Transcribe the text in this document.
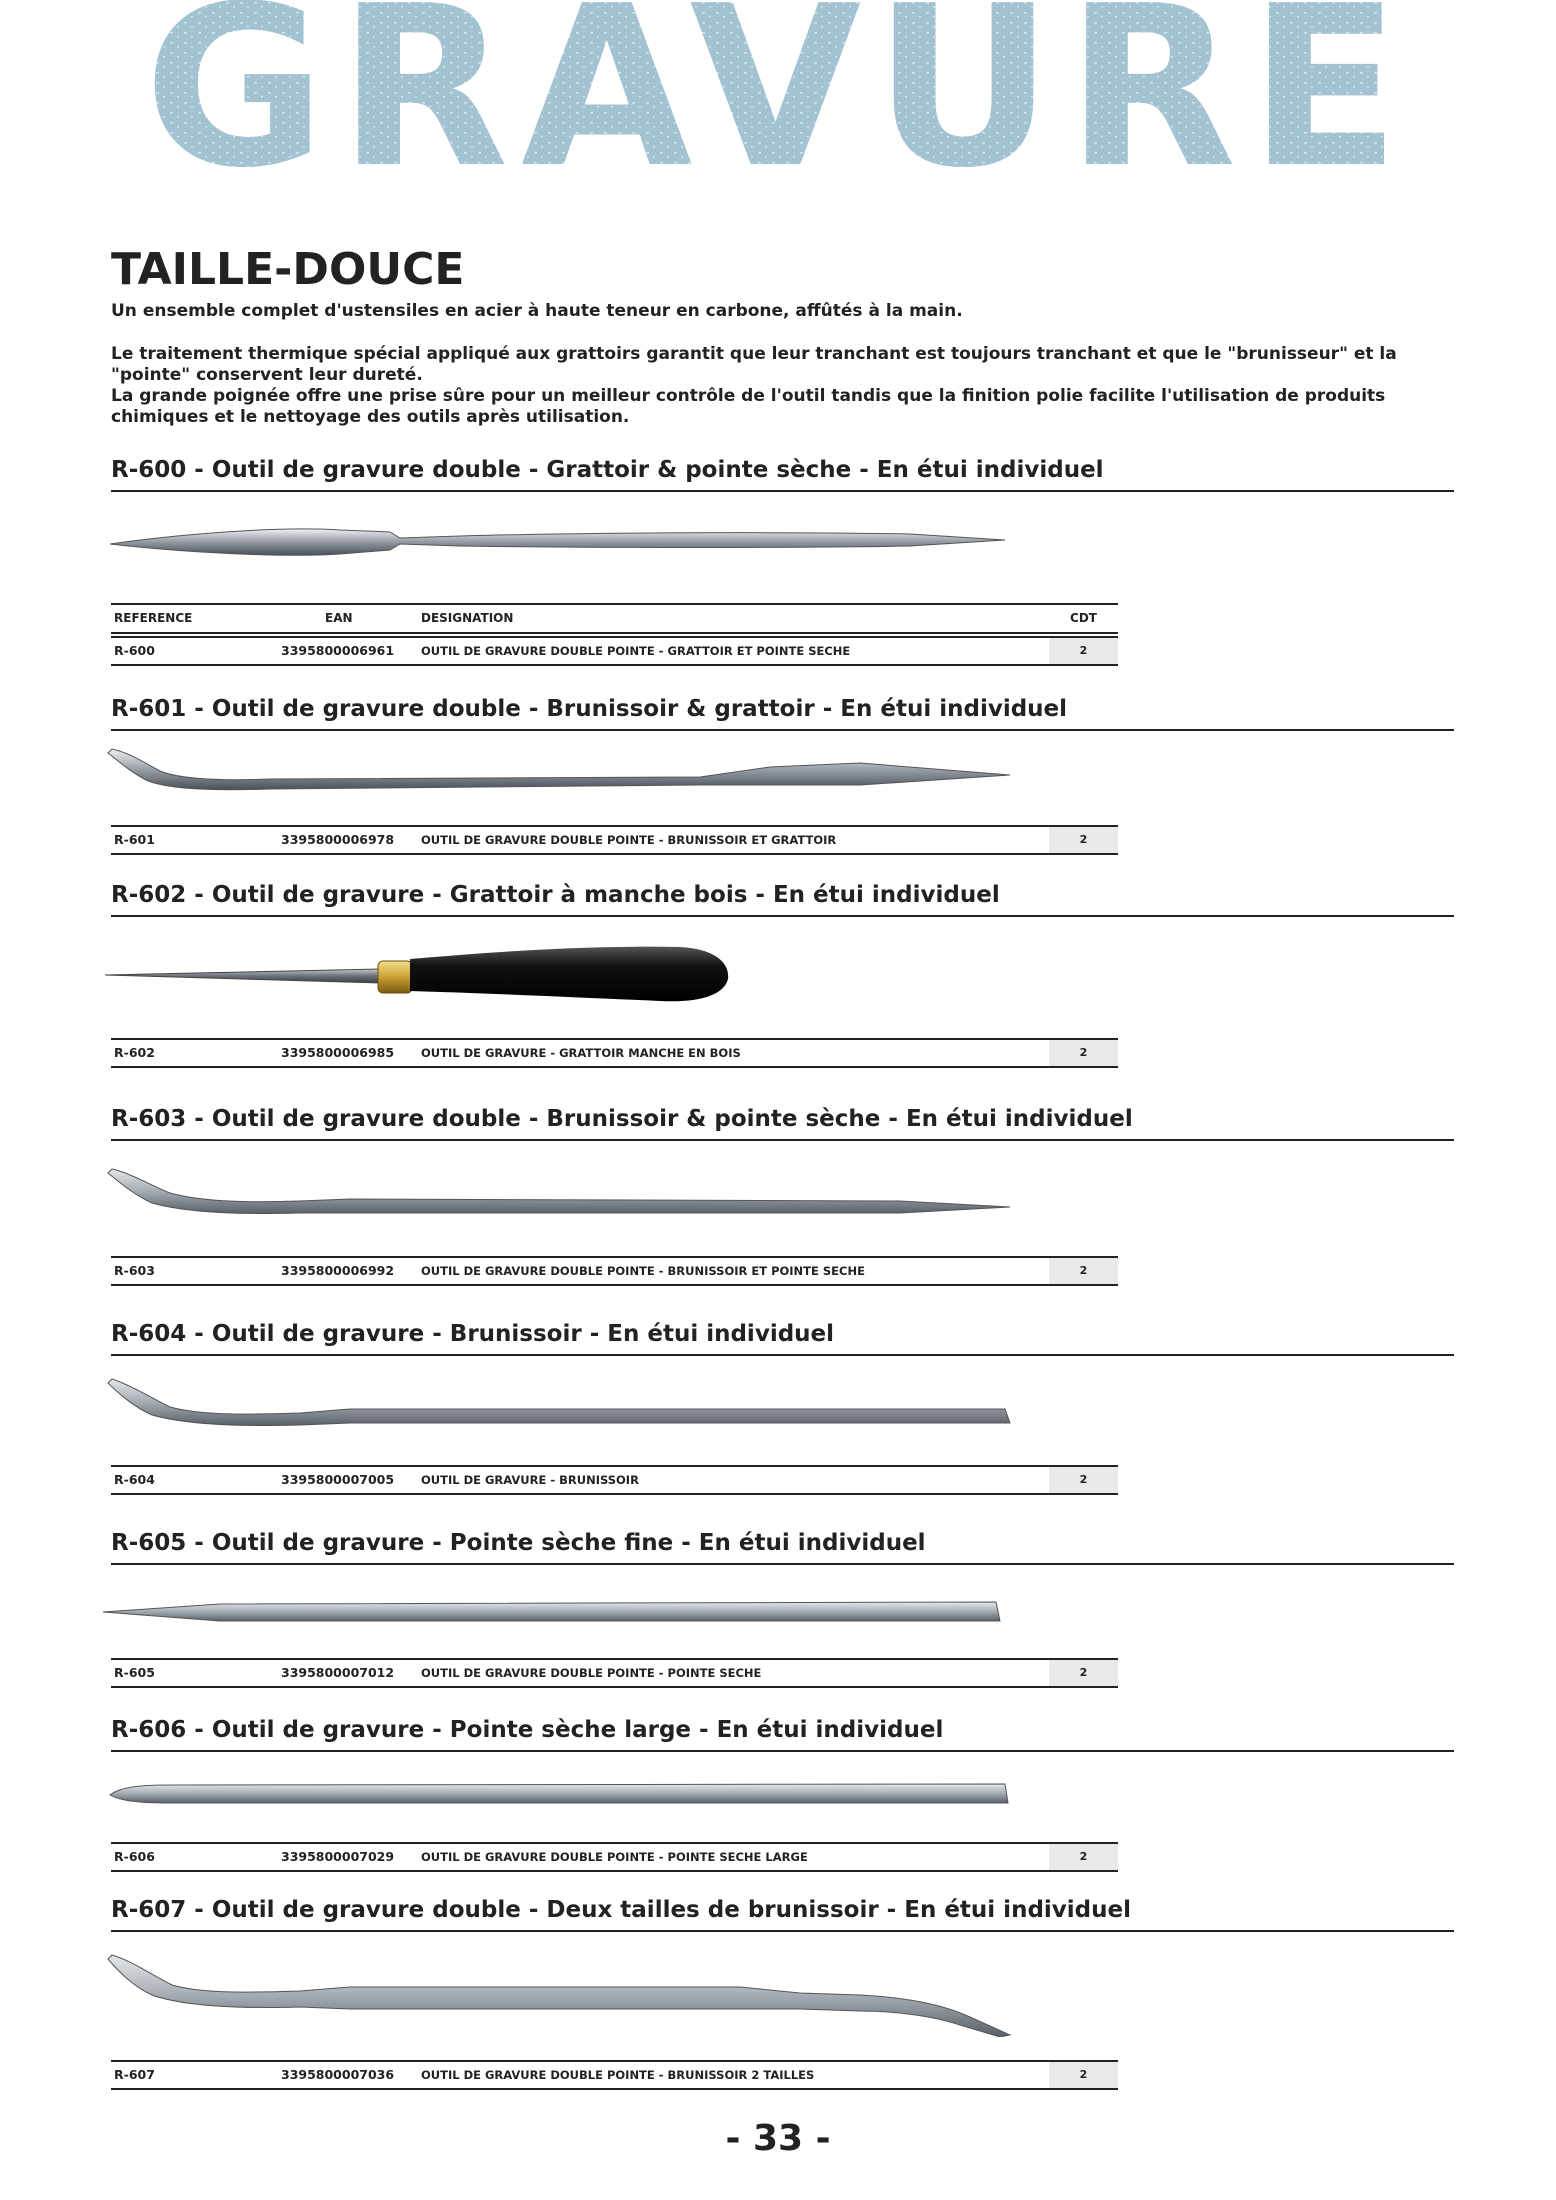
GRAVURE
TAILLE-DOUCE
Un ensemble complet d'ustensiles en acier à haute teneur en carbone, affûtés à la main.
Le traitement thermique spécial appliqué aux grattoirs garantit que leur tranchant est toujours tranchant et que le "brunisseur" et la "pointe" conservent leur dureté.
La grande poignée offre une prise sûre pour un meilleur contrôle de l'outil tandis que la finition polie facilite l'utilisation de produits chimiques et le nettoyage des outils après utilisation.
R-600 - Outil de gravure double - Grattoir & pointe sèche - En étui individuel
REFERENCE	EAN	DESIGNATION	CDT
R-600	3395800006961 OUTIL DE GRAVURE DOUBLE POINTE - GRATTOIR ET POINTE SECHE	2
R-601 - Outil de gravure double - Brunissoir & grattoir - En étui individuel
R-601	3395800006978 OUTIL DE GRAVURE DOUBLE POINTE - BRUNISSOIR ET GRATTOIR	2
R-602 - Outil de gravure - Grattoir à manche bois - En étui individuel
R-602	3395800006985 OUTIL DE GRAVURE - GRATTOIR MANCHE EN BOIS	2
R-603 - Outil de gravure double - Brunissoir & pointe sèche - En étui individuel
R-603	3395800006992 OUTIL DE GRAVURE DOUBLE POINTE - BRUNISSOIR ET POINTE SECHE	2
R-604 - Outil de gravure - Brunissoir - En étui individuel
R-604	3395800007005 OUTIL DE GRAVURE - BRUNISSOIR	2
R-605 - Outil de gravure - Pointe sèche fine - En étui individuel
R-605	3395800007012 OUTIL DE GRAVURE DOUBLE POINTE - POINTE SECHE	2
R-606 - Outil de gravure - Pointe sèche large - En étui individuel
R-606	3395800007029 OUTIL DE GRAVURE DOUBLE POINTE - POINTE SECHE LARGE	2
R-607 - Outil de gravure double - Deux tailles de brunissoir - En étui individuel
R-607	3395800007036 OUTIL DE GRAVURE DOUBLE POINTE - BRUNISSOIR 2 TAILLES	2
- 33 -
